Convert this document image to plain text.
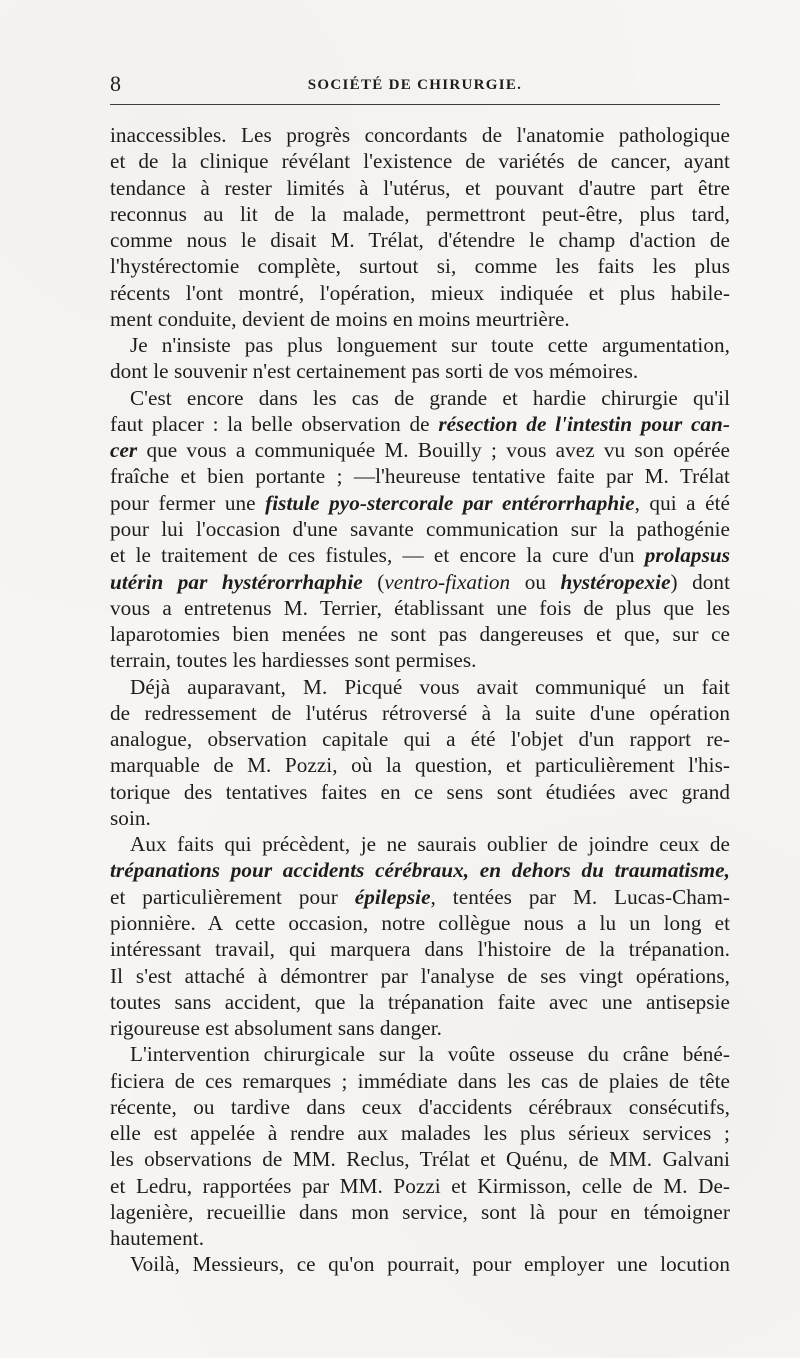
8	SOCIÉTÉ DE CHIRURGIE.
inaccessibles. Les progrès concordants de l'anatomie pathologique
et de la clinique révélant l'existence de variétés de cancer, ayant
tendance à rester limités à l'utérus, et pouvant d'autre part être
reconnus au lit de la malade, permettront peut-être, plus tard,
comme nous le disait M. Trélat, d'étendre le champ d'action de
l'hystérectomie complète, surtout si, comme les faits les plus
récents l'ont montré, l'opération, mieux indiquée et plus habile-
ment conduite, devient de moins en moins meurtrière.
Je n'insiste pas plus longuement sur toute cette argumentation,
dont le souvenir n'est certainement pas sorti de vos mémoires.
C'est encore dans les cas de grande et hardie chirurgie qu'il
faut placer : la belle observation de résection de l'intestin pour can-
cer que vous a communiquée M. Bouilly ; vous avez vu son opérée
fraîche et bien portante ; —l'heureuse tentative faite par M. Trélat
pour fermer une fistule pyo-stercorale par entérorrhaphie, qui a été
pour lui l'occasion d'une savante communication sur la pathogénie
et le traitement de ces fistules, — et encore la cure d'un prolapsus
utérin par hystérorrhaphie (ventro-fixation ou hystéropexie) dont
vous a entretenus M. Terrier, établissant une fois de plus que les
laparotomies bien menées ne sont pas dangereuses et que, sur ce
terrain, toutes les hardiesses sont permises.
Déjà auparavant, M. Picqué vous avait communiqué un fait
de redressement de l'utérus rétroversé à la suite d'une opération
analogue, observation capitale qui a été l'objet d'un rapport re-
marquable de M. Pozzi, où la question, et particulièrement l'his-
torique des tentatives faites en ce sens sont étudiées avec grand
soin.
Aux faits qui précèdent, je ne saurais oublier de joindre ceux de
trépanations pour accidents cérébraux, en dehors du traumatisme,
et particulièrement pour épilepsie, tentées par M. Lucas-Cham-
pionnière. A cette occasion, notre collègue nous a lu un long et
intéressant travail, qui marquera dans l'histoire de la trépanation.
Il s'est attaché à démontrer par l'analyse de ses vingt opérations,
toutes sans accident, que la trépanation faite avec une antisepsie
rigoureuse est absolument sans danger.
L'intervention chirurgicale sur la voûte osseuse du crâne béné-
ficiera de ces remarques ; immédiate dans les cas de plaies de tête
récente, ou tardive dans ceux d'accidents cérébraux consécutifs,
elle est appelée à rendre aux malades les plus sérieux services ;
les observations de MM. Reclus, Trélat et Quénu, de MM. Galvani
et Ledru, rapportées par MM. Pozzi et Kirmisson, celle de M. De-
lagenière, recueillie dans mon service, sont là pour en témoigner
hautement.
Voilà, Messieurs, ce qu'on pourrait, pour employer une locution
